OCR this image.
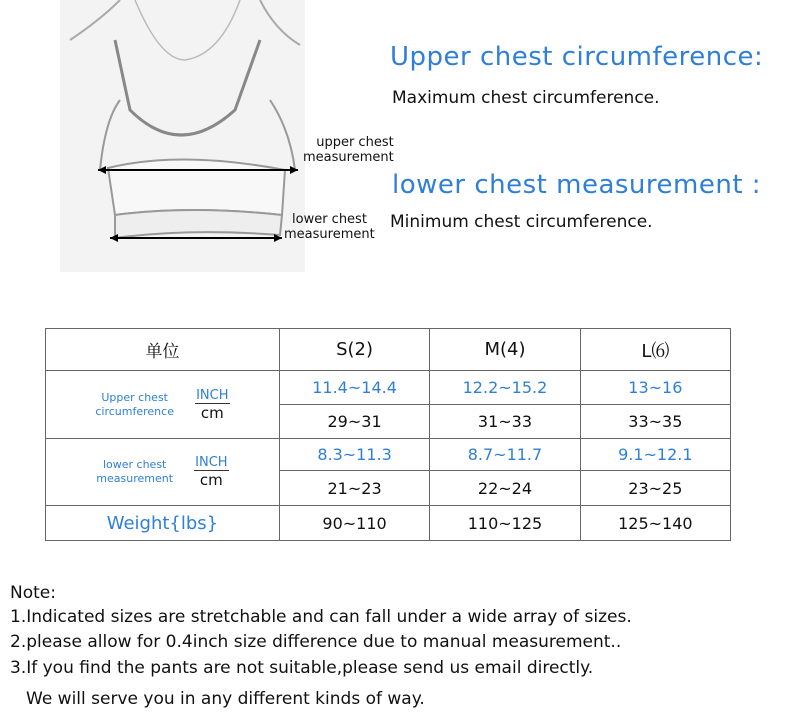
upper chest
measurement
lower chest
measurement
Upper chest circumference:
Maximum chest circumference.
lower chest measurement :
Minimum chest circumference.
单位	S(2)	M(4)	L⑹

Upper chest
circumference
$\frac{\text{INCH}}{cm}$	11.4~14.4	12.2~15.2	13~16
	29~31	31~33	33~35

lower chest
measurement
$\frac{\text{INCH}}{cm}$	8.3~11.3	8.7~11.7	9.1~12.1
	21~23	22~24	23~25
Weight{lbs}	90~110	110~125	125~140
Note:
1.Indicated sizes are stretchable and can fall under a wide array of sizes.
2.please allow for 0.4inch size difference due to manual measurement..
3.If you find the pants are not suitable,please send us email directly.
We will serve you in any different kinds of way.
